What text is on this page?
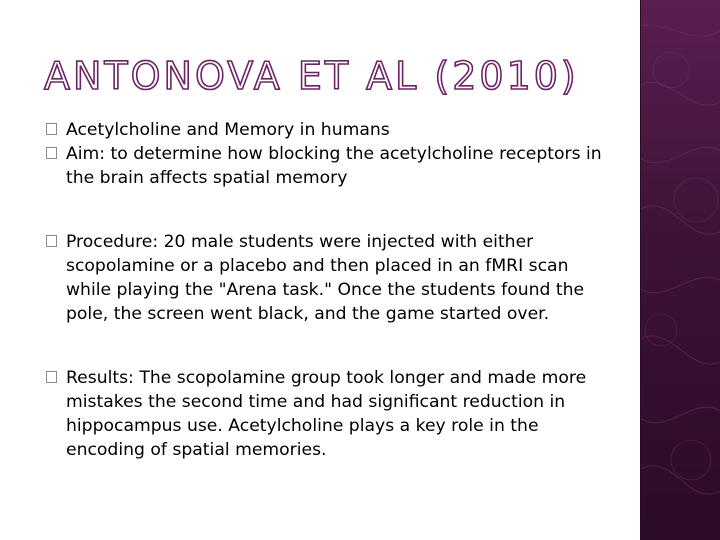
ANTONOVA ET AL (2010)
Acetylcholine and Memory in humans
Aim: to determine how blocking the acetylcholine receptors in the brain affects spatial memory
Procedure: 20 male students were injected with either scopolamine or a placebo and then placed in an fMRI scan while playing the "Arena task." Once the students found the pole, the screen went black, and the game started over.
Results: The scopolamine group took longer and made more mistakes the second time and had significant reduction in hippocampus use. Acetylcholine plays a key role in the encoding of spatial memories.
